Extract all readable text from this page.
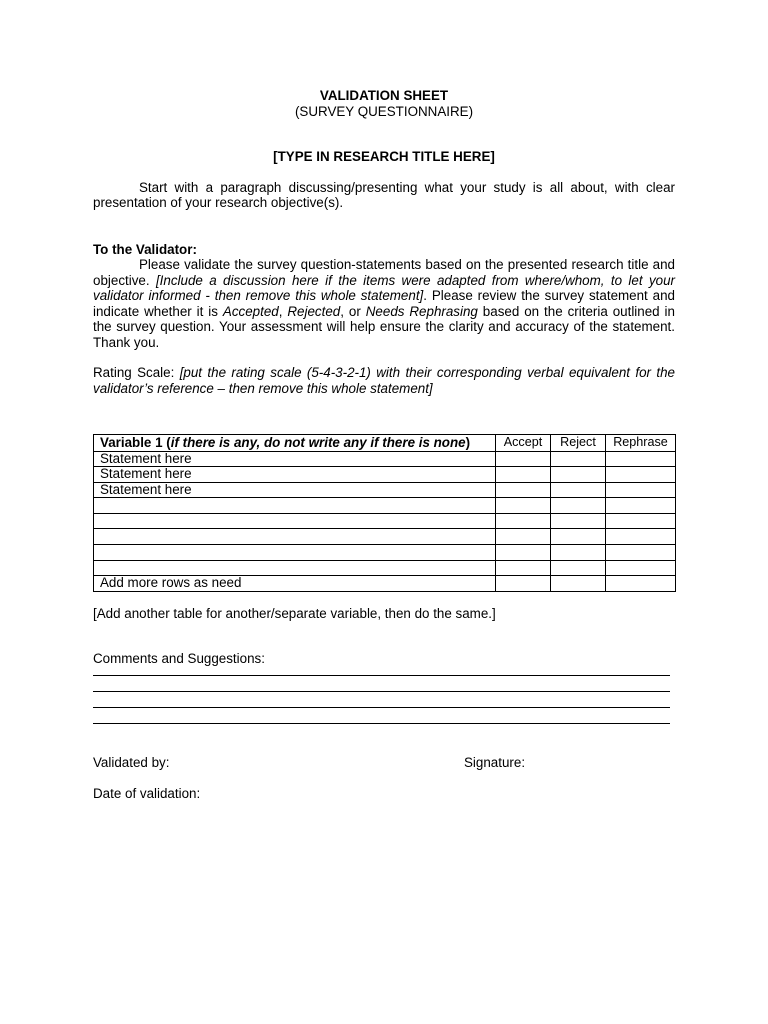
VALIDATION SHEET

(SURVEY QUESTIONNAIRE)

[TYPE IN RESEARCH TITLE HERE]

Start with a paragraph discussing/presenting what your study is all about, with clear presentation of your research objective(s).

To the Validator:

Please validate the survey question-statements based on the presented research title and objective. [Include a discussion here if the items were adapted from where/whom, to let your validator informed - then remove this whole statement]. Please review the survey statement and indicate whether it is Accepted, Rejected, or Needs Rephrasing based on the criteria outlined in the survey question. Your assessment will help ensure the clarity and accuracy of the statement. Thank you.

Rating Scale: [put the rating scale (5-4-3-2-1) with their corresponding verbal equivalent for the validator’s reference – then remove this whole statement]

Variable 1 (if there is any, do not write any if there is none)	Accept	Reject	Rephrase

Statement here			
Statement here			
Statement here			

Add more rows as need			

[Add another table for another/separate variable, then do the same.]

Comments and Suggestions:

Validated by:	Signature:

Date of validation:
